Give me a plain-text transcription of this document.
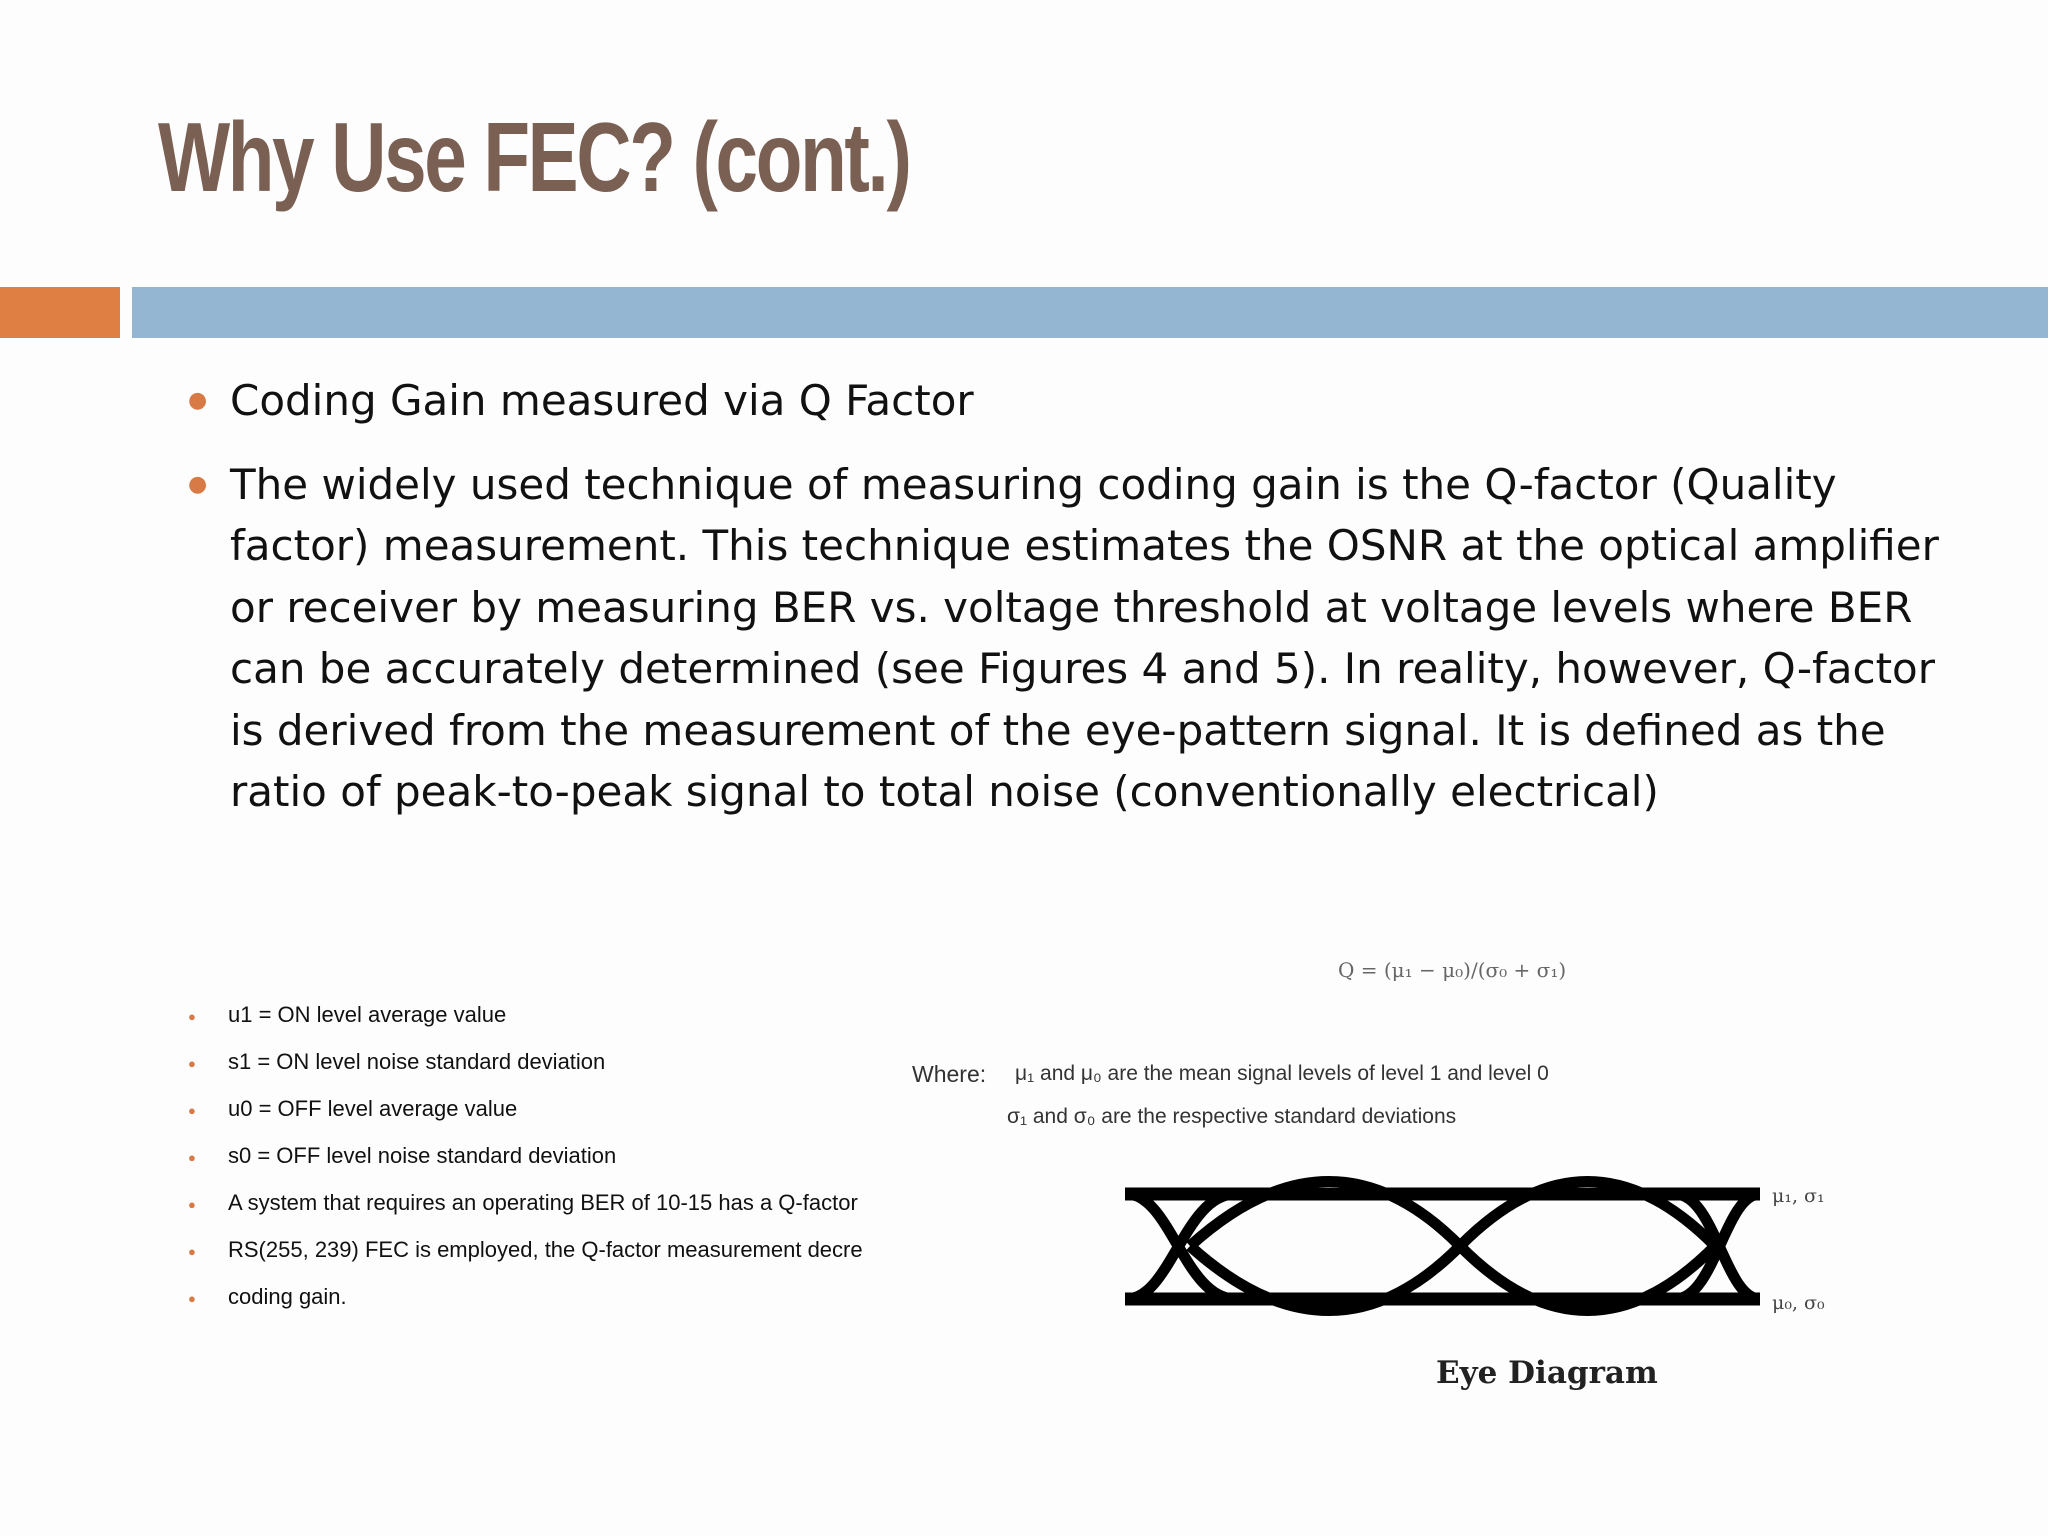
Why Use FEC? (cont.)
● Coding Gain measured via Q Factor
● The widely used technique of measuring coding gain is the Q-factor (Quality factor) measurement. This technique estimates the OSNR at the optical amplifier or receiver by measuring BER vs. voltage threshold at voltage levels where BER can be accurately determined (see Figures 4 and 5). In reality, however, Q-factor is derived from the measurement of the eye-pattern signal. It is defined as the ratio of peak-to-peak signal to total noise (conventionally electrical)
● u1 = ON level average value
● s1 = ON level noise standard deviation
● u0 = OFF level average value
● s0 = OFF level noise standard deviation
● A system that requires an operating BER of 10-15 has a Q-factor
● RS(255, 239) FEC is employed, the Q-factor measurement decre
● coding gain.
Q = (μ₁ − μ₀)/(σ₀ + σ₁)
Where: μ₁ and μ₀ are the mean signal levels of level 1 and level 0
σ₁ and σ₀ are the respective standard deviations
μ₁, σ₁
μ₀, σ₀
Eye Diagram
